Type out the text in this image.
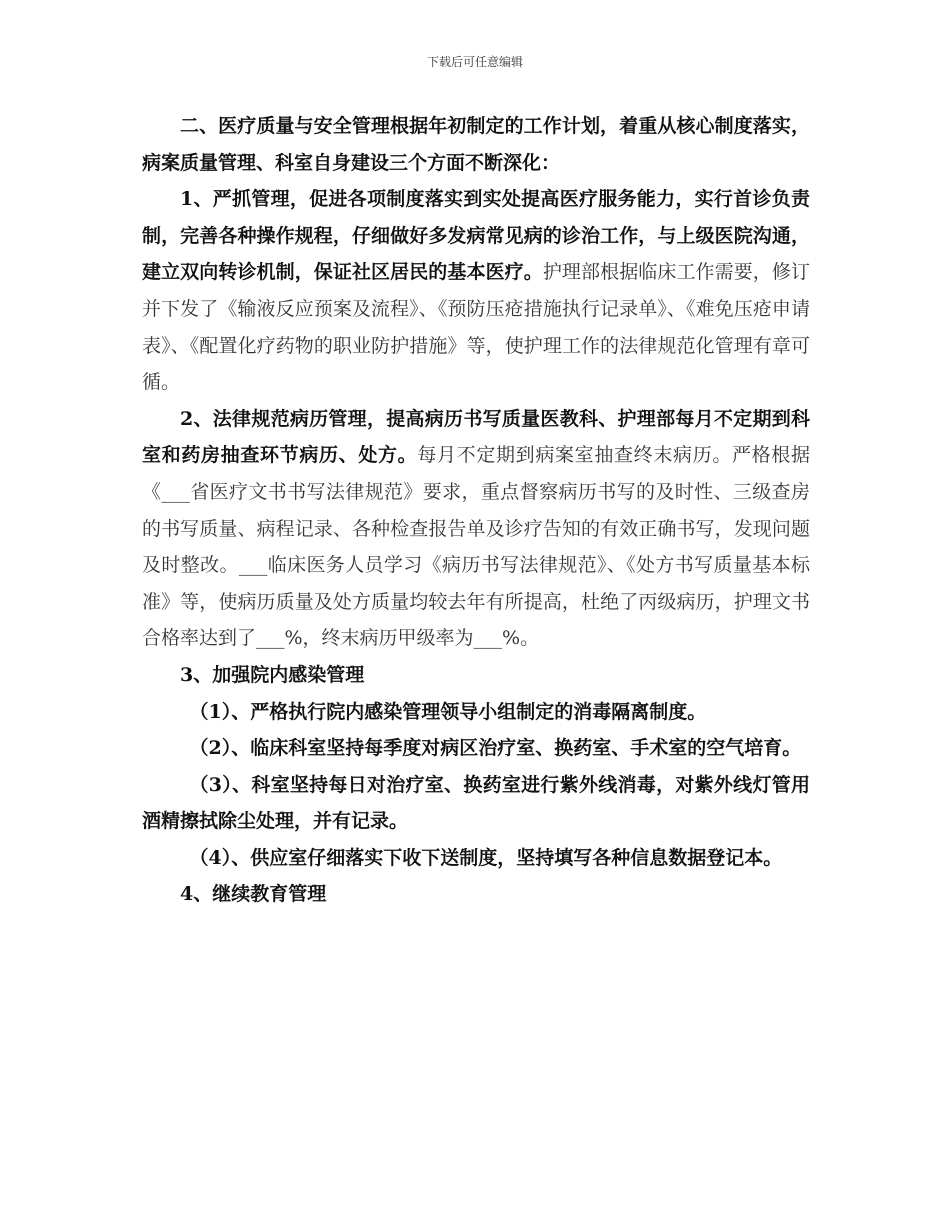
下载后可任意编辑

二、医疗质量与安全管理根据年初制定的工作计划，着重从核心制度落实，病案质量管理、科室自身建设三个方面不断深化：

1、严抓管理，促进各项制度落实到实处提高医疗服务能力，实行首诊负责制，完善各种操作规程，仔细做好多发病常见病的诊治工作，与上级医院沟通，建立双向转诊机制，保证社区居民的基本医疗。护理部根据临床工作需要，修订并下发了《输液反应预案及流程》、《预防压疮措施执行记录单》、《难免压疮申请表》、《配置化疗药物的职业防护措施》等，使护理工作的法律规范化管理有章可循。

2、法律规范病历管理，提高病历书写质量医教科、护理部每月不定期到科室和药房抽查环节病历、处方。每月不定期到病案室抽查终末病历。严格根据《___省医疗文书书写法律规范》要求，重点督察病历书写的及时性、三级查房的书写质量、病程记录、各种检查报告单及诊疗告知的有效正确书写，发现问题及时整改。___临床医务人员学习《病历书写法律规范》、《处方书写质量基本标准》等，使病历质量及处方质量均较去年有所提高，杜绝了丙级病历，护理文书合格率达到了___%，终末病历甲级率为___%。

3、加强院内感染管理

（1）、严格执行院内感染管理领导小组制定的消毒隔离制度。

（2）、临床科室坚持每季度对病区治疗室、换药室、手术室的空气培育。

（3）、科室坚持每日对治疗室、换药室进行紫外线消毒，对紫外线灯管用酒精擦拭除尘处理，并有记录。

（4）、供应室仔细落实下收下送制度，坚持填写各种信息数据登记本。

4、继续教育管理
